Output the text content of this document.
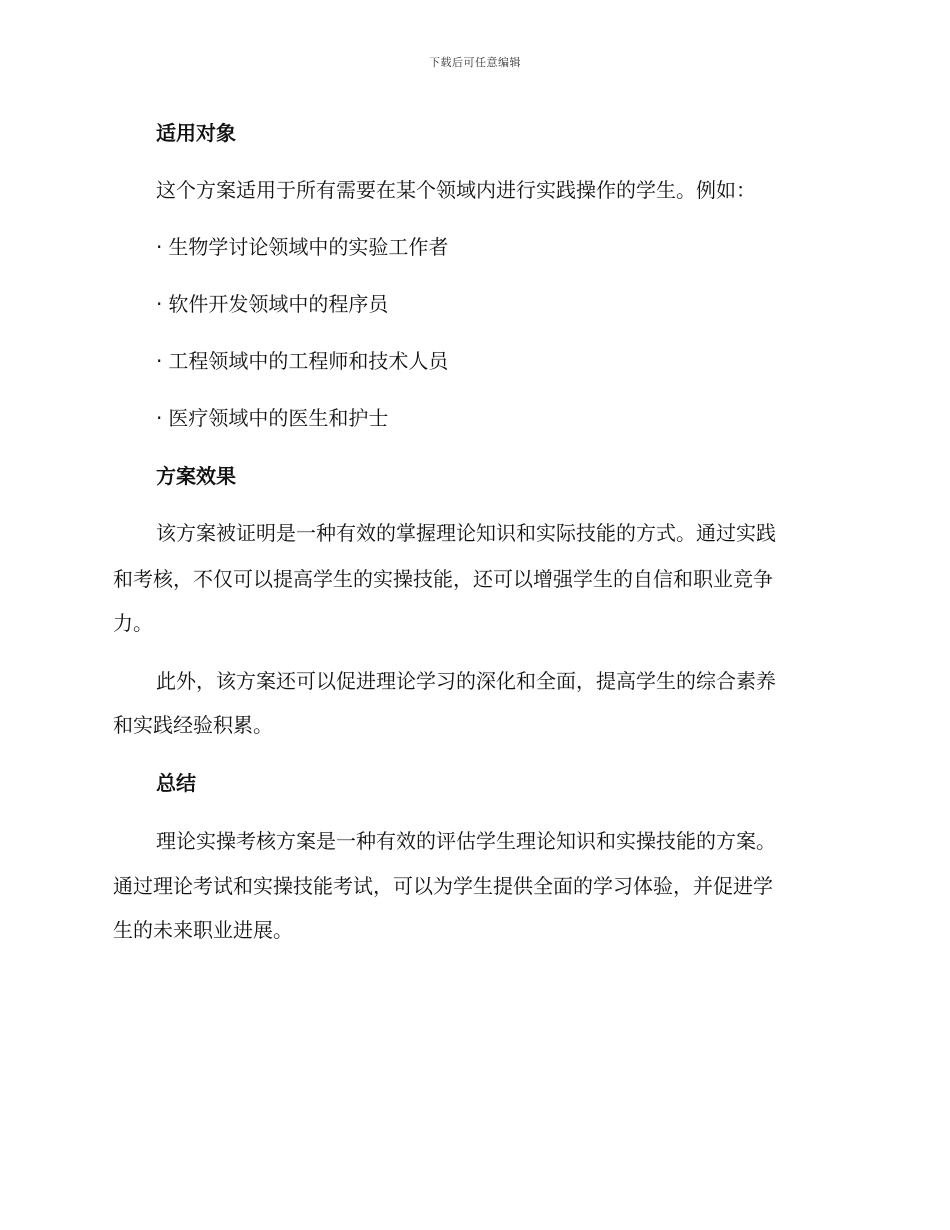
下载后可任意编辑
适用对象
这个方案适用于所有需要在某个领域内进行实践操作的学生。例如：
· 生物学讨论领域中的实验工作者
· 软件开发领域中的程序员
· 工程领域中的工程师和技术人员
· 医疗领域中的医生和护士
方案效果
该方案被证明是一种有效的掌握理论知识和实际技能的方式。通过实践
和考核，不仅可以提高学生的实操技能，还可以增强学生的自信和职业竞争
力。
此外，该方案还可以促进理论学习的深化和全面，提高学生的综合素养
和实践经验积累。
总结
理论实操考核方案是一种有效的评估学生理论知识和实操技能的方案。
通过理论考试和实操技能考试，可以为学生提供全面的学习体验，并促进学
生的未来职业进展。
